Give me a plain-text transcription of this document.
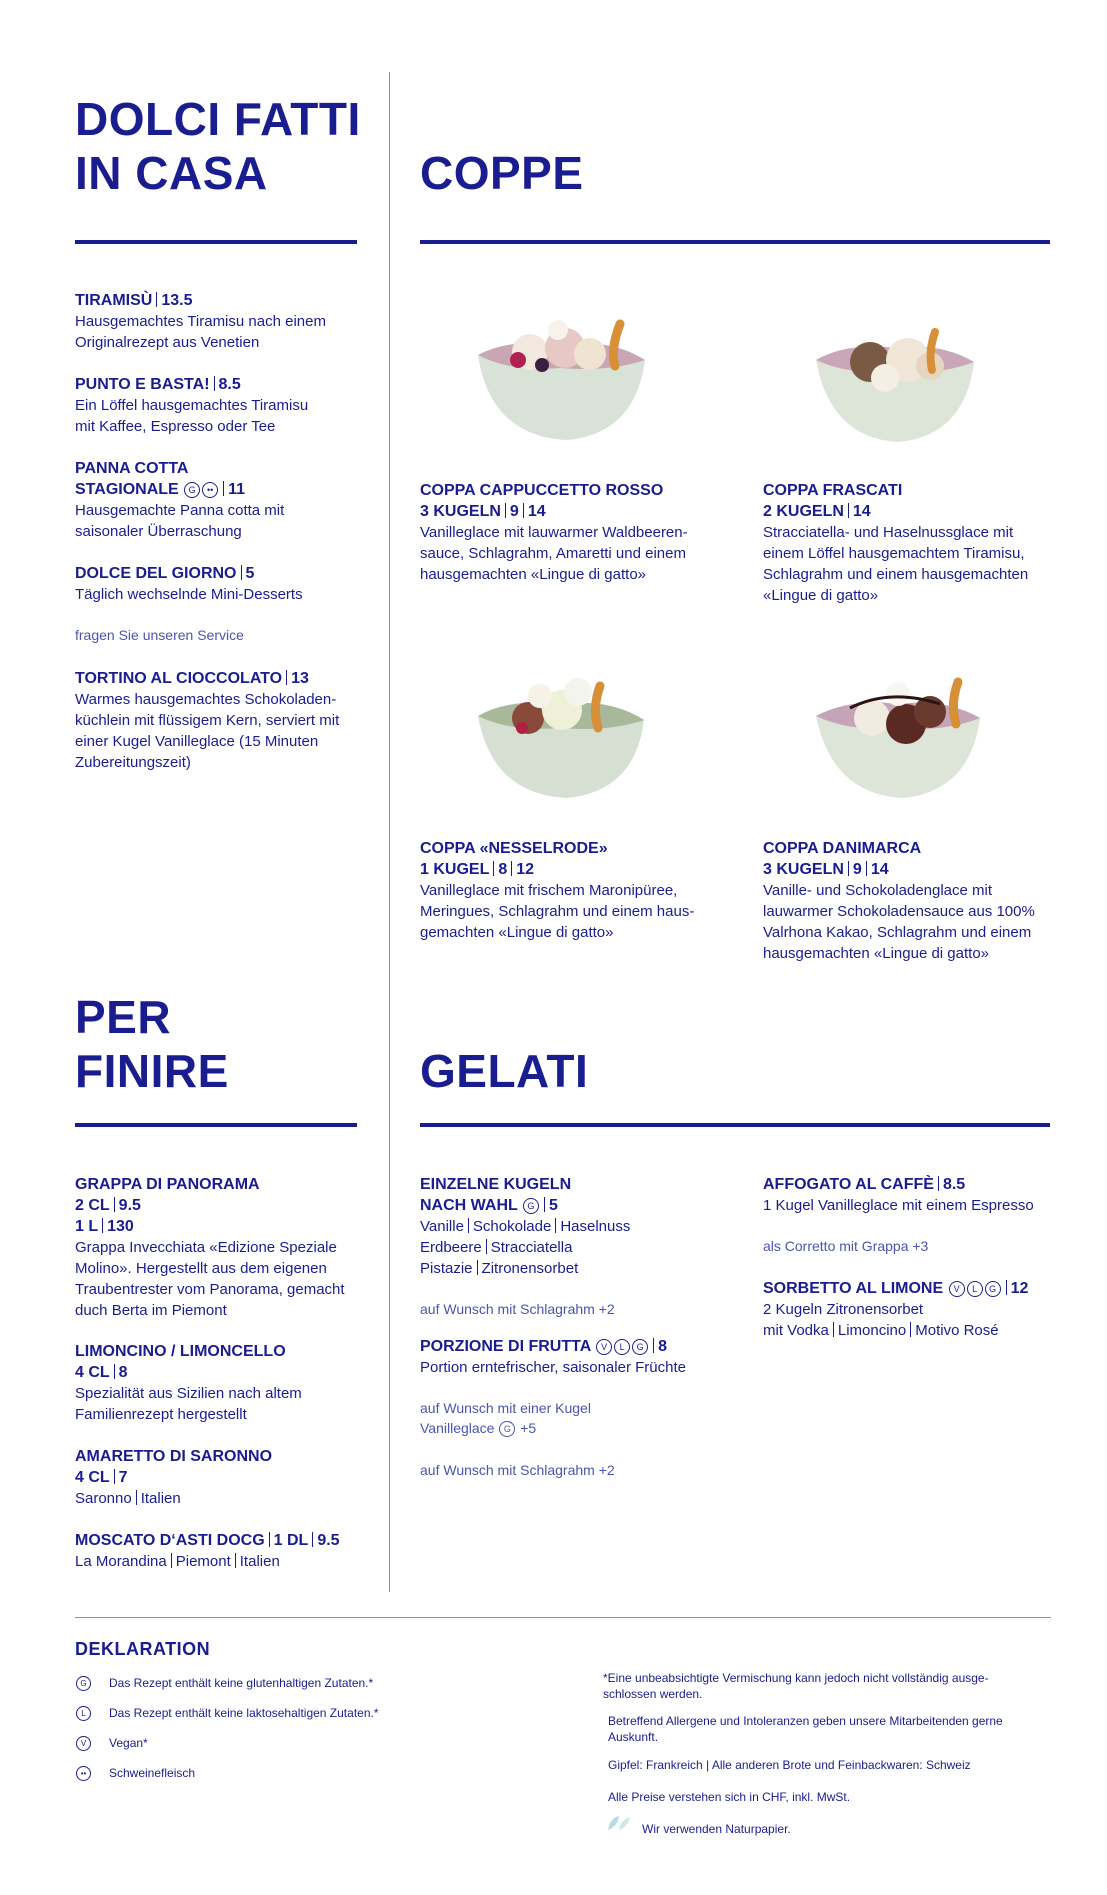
DOLCI FATTI
IN CASA
TIRAMISÙ 13.5
Hausgemachtes Tiramisu nach einem
Originalrezept aus Venetien
PUNTO E BASTA! 8.5
Ein Löffel hausgemachtes Tiramisu
mit Kaffee, Espresso oder Tee
PANNA COTTA
STAGIONALE G •• 11
Hausgemachte Panna cotta mit
saisonaler Überraschung
DOLCE DEL GIORNO 5
Täglich wechselnde Mini-Desserts
fragen Sie unseren Service
TORTINO AL CIOCCOLATO 13
Warmes hausgemachtes Schokoladen-
küchlein mit flüssigem Kern, serviert mit
einer Kugel Vanilleglace (15 Minuten
Zubereitungszeit)
COPPE
COPPA CAPPUCCETTO ROSSO
3 KUGELN 9 14
Vanilleglace mit lauwarmer Waldbeeren-
sauce, Schlagrahm, Amaretti und einem
hausgemachten «Lingue di gatto»
COPPA FRASCATI
2 KUGELN 14
Stracciatella- und Haselnussglace mit
einem Löffel hausgemachtem Tiramisu,
Schlagrahm und einem hausgemachten
«Lingue di gatto»
COPPA «NESSELRODE»
1 KUGEL 8 12
Vanilleglace mit frischem Maronipüree,
Meringues, Schlagrahm und einem haus-
gemachten «Lingue di gatto»
COPPA DANIMARCA
3 KUGELN 9 14
Vanille- und Schokoladenglace mit
lauwarmer Schokoladensauce aus 100%
Valrhona Kakao, Schlagrahm und einem
hausgemachten «Lingue di gatto»
PER
FINIRE
GRAPPA DI PANORAMA
2 CL 9.5
1 L 130
Grappa Invecchiata «Edizione Speziale
Molino». Hergestellt aus dem eigenen
Traubentrester vom Panorama, gemacht
duch Berta im Piemont
LIMONCINO / LIMONCELLO
4 CL 8
Spezialität aus Sizilien nach altem
Familienrezept hergestellt
AMARETTO DI SARONNO
4 CL 7
Saronno Italien
MOSCATO D‘ASTI DOCG 1 DL 9.5
La Morandina Piemont Italien
GELATI
EINZELNE KUGELN
NACH WAHL G 5
Vanille Schokolade Haselnuss
Erdbeere Stracciatella
Pistazie Zitronensorbet
auf Wunsch mit Schlagrahm +2
PORZIONE DI FRUTTA V L G 8
Portion erntefrischer, saisonaler Früchte
auf Wunsch mit einer Kugel
Vanilleglace G +5
auf Wunsch mit Schlagrahm +2
AFFOGATO AL CAFFÈ 8.5
1 Kugel Vanilleglace mit einem Espresso
als Corretto mit Grappa +3
SORBETTO AL LIMONE V L G 12
2 Kugeln Zitronensorbet
mit Vodka Limoncino Motivo Rosé
DEKLARATION
G Das Rezept enthält keine glutenhaltigen Zutaten.*
L Das Rezept enthält keine laktosehaltigen Zutaten.*
V Vegan*
•• Schweinefleisch
*Eine unbeabsichtigte Vermischung kann jedoch nicht vollständig ausge-
schlossen werden.
Betreffend Allergene und Intoleranzen geben unsere Mitarbeitenden gerne
Auskunft.
Gipfel: Frankreich | Alle anderen Brote und Feinbackwaren: Schweiz
Alle Preise verstehen sich in CHF, inkl. MwSt.
Wir verwenden Naturpapier.
